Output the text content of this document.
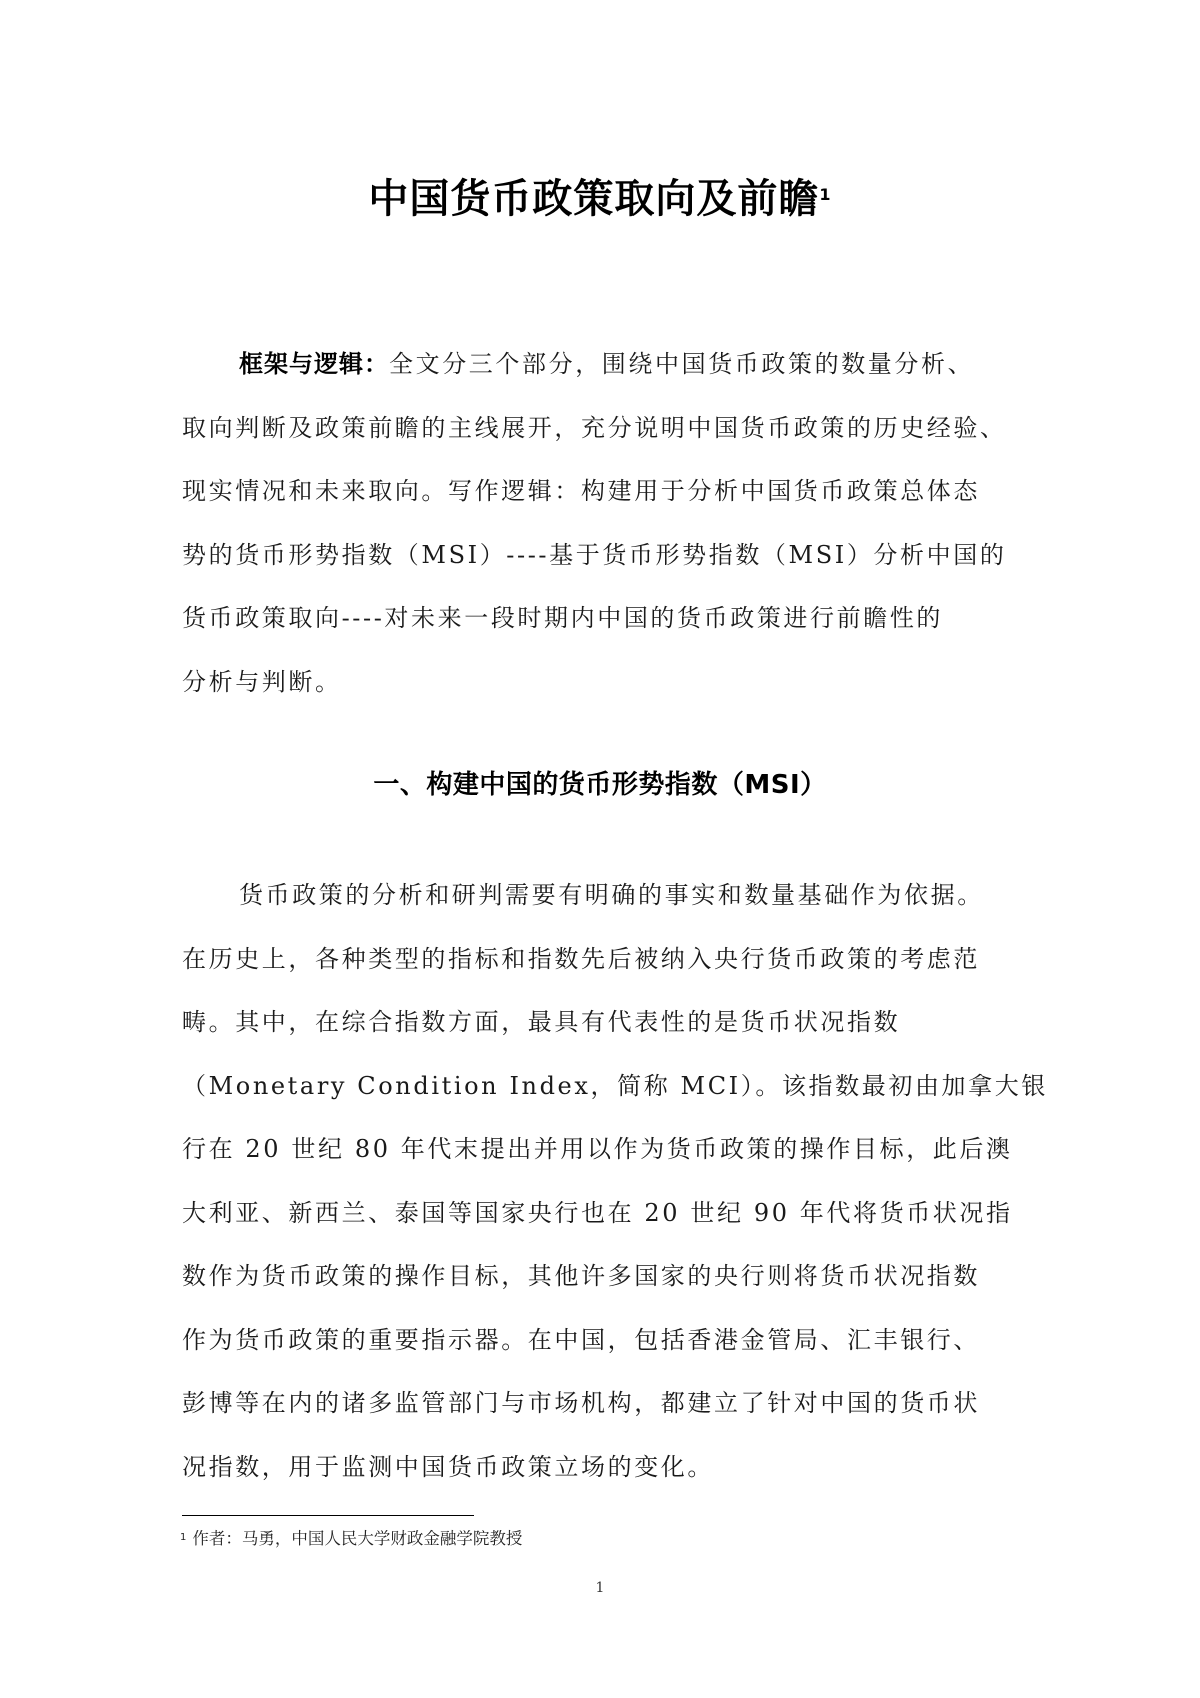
中国货币政策取向及前瞻$^1$
框架与逻辑：全文分三个部分，围绕中国货币政策的数量分析、
取向判断及政策前瞻的主线展开，充分说明中国货币政策的历史经验、
现实情况和未来取向。写作逻辑：构建用于分析中国货币政策总体态
势的货币形势指数（MSI）----基于货币形势指数（MSI）分析中国的
货币政策取向----对未来一段时期内中国的货币政策进行前瞻性的
分析与判断。
一、构建中国的货币形势指数（MSI）
货币政策的分析和研判需要有明确的事实和数量基础作为依据。
在历史上，各种类型的指标和指数先后被纳入央行货币政策的考虑范
畴。其中，在综合指数方面，最具有代表性的是货币状况指数
（Monetary Condition Index，简称 MCI）。该指数最初由加拿大银
行在 20 世纪 80 年代末提出并用以作为货币政策的操作目标，此后澳
大利亚、新西兰、泰国等国家央行也在 20 世纪 90 年代将货币状况指
数作为货币政策的操作目标，其他许多国家的央行则将货币状况指数
作为货币政策的重要指示器。在中国，包括香港金管局、汇丰银行、
彭博等在内的诸多监管部门与市场机构，都建立了针对中国的货币状
况指数，用于监测中国货币政策立场的变化。
$^1$ 作者：马勇，中国人民大学财政金融学院教授
1
